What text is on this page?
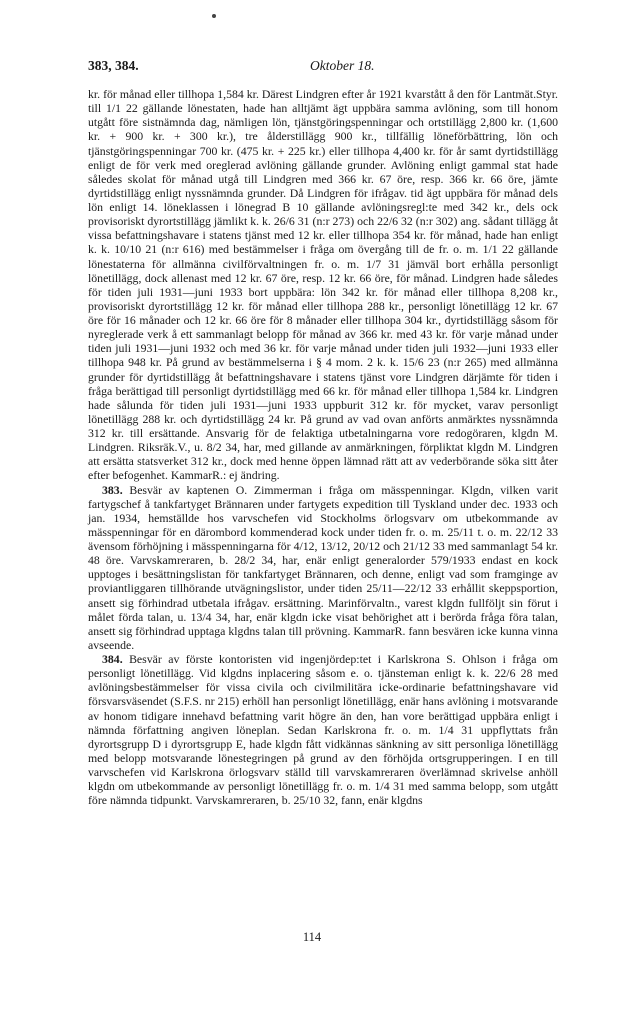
383, 384.	Oktober 18.

kr. för månad eller tillhopa 1,584 kr. Därest Lindgren efter år 1921 kvarstått å den för Lantmät.Styr. till 1/1 22 gällande lönestaten, hade han alltjämt ägt uppbära samma avlöning, som till honom utgått före sistnämnda dag, nämligen lön, tjänstgöringspenningar och ortstillägg 2,800 kr. (1,600 kr. + 900 kr. + 300 kr.), tre ålderstillägg 900 kr., tillfällig löneförbättring, lön och tjänstgöringspenningar 700 kr. (475 kr. + 225 kr.) eller tillhopa 4,400 kr. för år samt dyrtidstillägg enligt de för verk med oreglerad avlöning gällande grunder. Avlöning enligt gammal stat hade således skolat för månad utgå till Lindgren med 366 kr. 67 öre, resp. 366 kr. 66 öre, jämte dyrtidstillägg enligt nyssnämnda grunder. Då Lindgren för ifrågav. tid ägt uppbära för månad dels lön enligt 14. löneklassen i lönegrad B 10 gällande avlöningsregl:te med 342 kr., dels ock provisoriskt dyrortstillägg jämlikt k. k. 26/6 31 (n:r 273) och 22/6 32 (n:r 302) ang. sådant tillägg åt vissa befattningshavare i statens tjänst med 12 kr. eller tillhopa 354 kr. för månad, hade han enligt k. k. 10/10 21 (n:r 616) med bestämmelser i fråga om övergång till de fr. o. m. 1/1 22 gällande lönestaterna för allmänna civilförvaltningen fr. o. m. 1/7 31 jämväl bort erhålla personligt lönetillägg, dock allenast med 12 kr. 67 öre, resp. 12 kr. 66 öre, för månad. Lindgren hade således för tiden juli 1931—juni 1933 bort uppbära: lön 342 kr. för månad eller tillhopa 8,208 kr., provisoriskt dyrortstillägg 12 kr. för månad eller tillhopa 288 kr., personligt lönetillägg 12 kr. 67 öre för 16 månader och 12 kr. 66 öre för 8 månader eller tillhopa 304 kr., dyrtidstillägg såsom för nyreglerade verk å ett sammanlagt belopp för månad av 366 kr. med 43 kr. för varje månad under tiden juli 1931—juni 1932 och med 36 kr. för varje månad under tiden juli 1932—juni 1933 eller tillhopa 948 kr. På grund av bestämmelserna i § 4 mom. 2 k. k. 15/6 23 (n:r 265) med allmänna grunder för dyrtidstillägg åt befattningshavare i statens tjänst vore Lindgren därjämte för tiden i fråga berättigad till personligt dyrtidstillägg med 66 kr. för månad eller tillhopa 1,584 kr. Lindgren hade sålunda för tiden juli 1931—juni 1933 uppburit 312 kr. för mycket, varav personligt lönetillägg 288 kr. och dyrtidstillägg 24 kr. På grund av vad ovan anförts anmärktes nyssnämnda 312 kr. till ersättande. Ansvarig för de felaktiga utbetalningarna vore redogöraren, klgdn M. Lindgren. Riksräk.V., u. 8/2 34, har, med gillande av anmärkningen, förpliktat klgdn M. Lindgren att ersätta statsverket 312 kr., dock med henne öppen lämnad rätt att av vederbörande söka sitt åter efter befogenhet. KammarR.: ej ändring.

383. Besvär av kaptenen O. Zimmerman i fråga om mässpenningar. Klgdn, vilken varit fartygschef å tankfartyget Brännaren under fartygets expedition till Tyskland under dec. 1933 och jan. 1934, hemställde hos varvschefen vid Stockholms örlogsvarv om utbekommande av mässpenningar för en därombord kommenderad kock under tiden fr. o. m. 25/11 t. o. m. 22/12 33 ävensom förhöjning i mässpenningarna för 4/12, 13/12, 20/12 och 21/12 33 med sammanlagt 54 kr. 48 öre. Varvskamreraren, b. 28/2 34, har, enär enligt generalorder 579/1933 endast en kock upptoges i besättningslistan för tankfartyget Brännaren, och denne, enligt vad som framginge av proviantliggaren tillhörande utvägningslistor, under tiden 25/11—22/12 33 erhållit skeppsportion, ansett sig förhindrad utbetala ifrågav. ersättning. Marinförvaltn., varest klgdn fullföljt sin förut i målet förda talan, u. 13/4 34, har, enär klgdn icke visat behörighet att i berörda fråga föra talan, ansett sig förhindrad upptaga klgdns talan till prövning. KammarR. fann besvären icke kunna vinna avseende.

384. Besvär av förste kontoristen vid ingenjördep:tet i Karlskrona S. Ohlson i fråga om personligt lönetillägg. Vid klgdns inplacering såsom e. o. tjänsteman enligt k. k. 22/6 28 med avlöningsbestämmelser för vissa civila och civilmilitära icke-ordinarie befattningshavare vid försvarsväsendet (S.F.S. nr 215) erhöll han personligt lönetillägg, enär hans avlöning i motsvarande av honom tidigare innehavd befattning varit högre än den, han vore berättigad uppbära enligt i nämnda författning angiven löneplan. Sedan Karlskrona fr. o. m. 1/4 31 uppflyttats från dyrortsgrupp D i dyrortsgrupp E, hade klgdn fått vidkännas sänkning av sitt personliga lönetillägg med belopp motsvarande lönestegringen på grund av den förhöjda ortsgrupperingen. I en till varvschefen vid Karlskrona örlogsvarv ställd till varvskamreraren överlämnad skrivelse anhöll klgdn om utbekommande av personligt lönetillägg fr. o. m. 1/4 31 med samma belopp, som utgått före nämnda tidpunkt. Varvskamreraren, b. 25/10 32, fann, enär klgdns

114
